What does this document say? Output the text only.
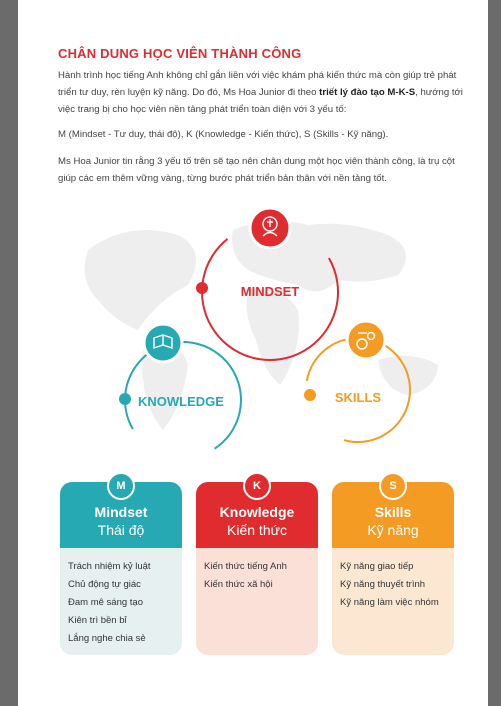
CHÂN DUNG HỌC VIÊN THÀNH CÔNG
Hành trình học tiếng Anh không chỉ gắn liền với việc khám phá kiến thức mà còn giúp trẻ phát triển tư duy, rèn luyện kỹ năng. Do đó, Ms Hoa Junior đi theo triết lý đào tạo M-K-S, hướng tới việc trang bị cho học viên nền tảng phát triển toàn diện với 3 yếu tố:
M (Mindset - Tư duy, thái độ), K (Knowledge - Kiến thức), S (Skills - Kỹ năng).
Ms Hoa Junior tin rằng 3 yếu tố trên sẽ tạo nên chân dung một học viên thành công, là trụ cột giúp các em thêm vững vàng, từng bước phát triển bản thân với nền tảng tốt.
MINDSET
KNOWLEDGE	SKILLS
M
Mindset
Thái độ
Trách nhiệm kỷ luật
Chủ động tự giác
Đam mê sáng tạo
Kiên trì bền bỉ
Lắng nghe chia sẻ
K
Knowledge
Kiến thức
Kiến thức tiếng Anh
Kiến thức xã hội
S
Skills
Kỹ năng
Kỹ năng giao tiếp
Kỹ năng thuyết trình
Kỹ năng làm việc nhóm
